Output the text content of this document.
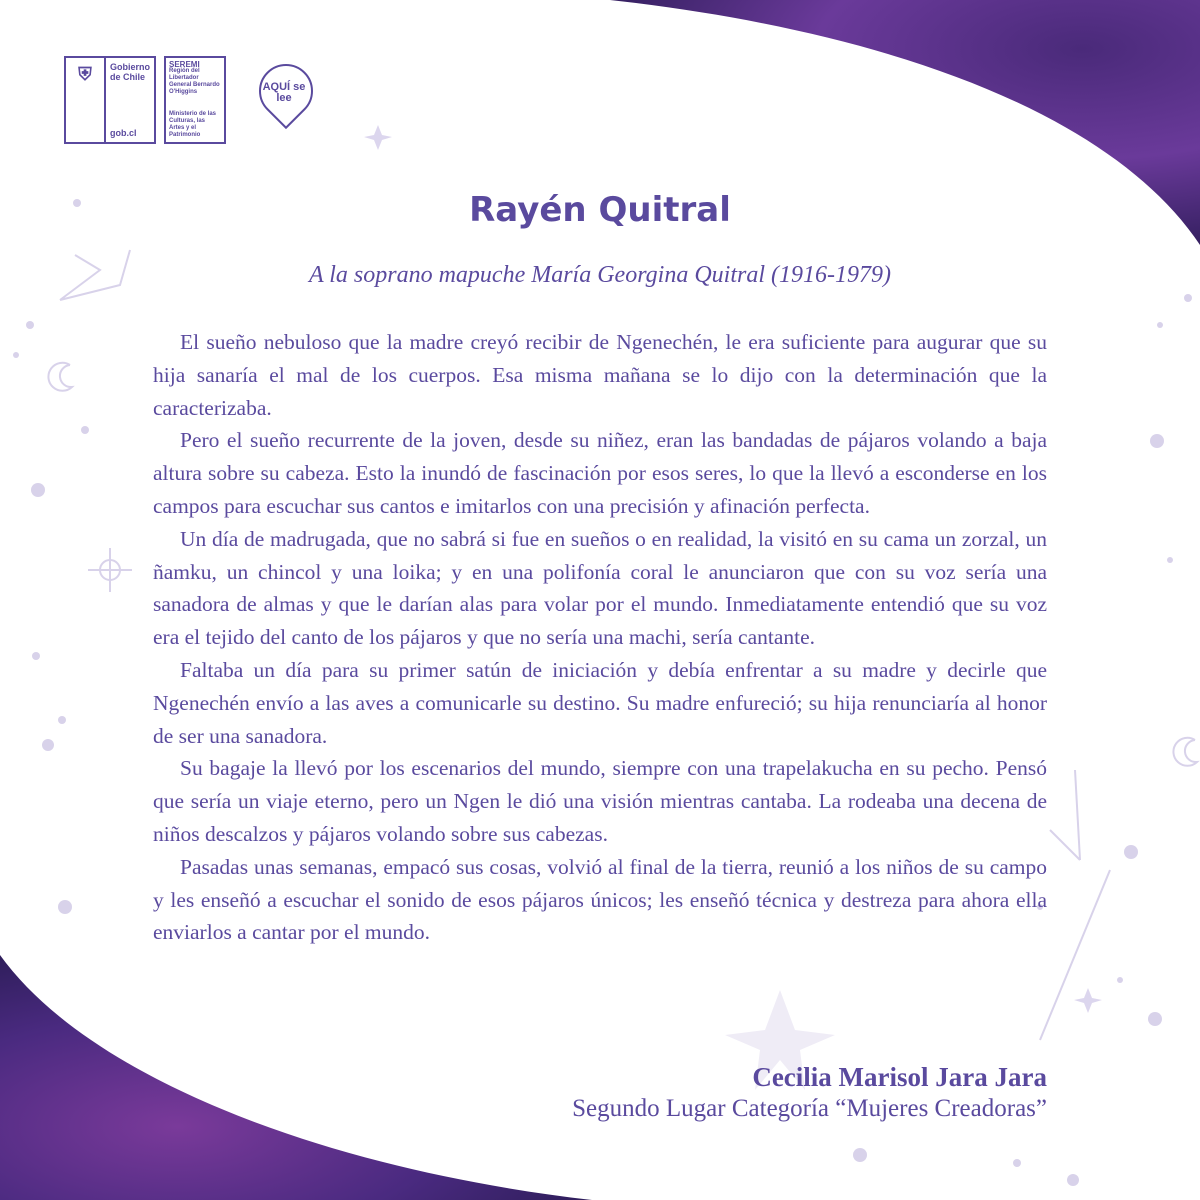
⛨	Gobierno de Chile
gob.cl
SEREMI
Región del Libertador General Bernardo O'Higgins
Ministerio de las Culturas, las Artes y el Patrimonio
AQUÍ se lee
Rayén Quitral
A la soprano mapuche María Georgina Quitral (1916-1979)

El sueño nebuloso que la madre creyó recibir de Ngenechén, le era suficiente para augurar que su hija sanaría el mal de los cuerpos. Esa misma mañana se lo dijo con la determinación que la caracterizaba.

Pero el sueño recurrente de la joven, desde su niñez, eran las bandadas de pájaros volando a baja altura sobre su cabeza. Esto la inundó de fascinación por esos seres, lo que la llevó a esconderse en los campos para escuchar sus cantos e imitarlos con una precisión y afinación perfecta.

Un día de madrugada, que no sabrá si fue en sueños o en realidad, la visitó en su cama un zorzal, un ñamku, un chincol y una loika; y en una polifonía coral le anunciaron que con su voz sería una sanadora de almas y que le darían alas para volar por el mundo. Inmediatamente entendió que su voz era el tejido del canto de los pájaros y que no sería una machi, sería cantante.

Faltaba un día para su primer satún de iniciación y debía enfrentar a su madre y decirle que Ngenechén envío a las aves a comunicarle su destino. Su madre enfureció; su hija renunciaría al honor de ser una sanadora.

Su bagaje la llevó por los escenarios del mundo, siempre con una trapelakucha en su pecho. Pensó que sería un viaje eterno, pero un Ngen le dió una visión mientras cantaba. La rodeaba una decena de niños descalzos y pájaros volando sobre sus cabezas.

Pasadas unas semanas, empacó sus cosas, volvió al final de la tierra, reunió a los niños de su campo   y les enseñó a escuchar el sonido de esos pájaros únicos; les enseñó técnica y destreza para ahora ella enviarlos a cantar por el mundo.

Cecilia Marisol Jara Jara
Segundo Lugar Categoría “Mujeres Creadoras”
